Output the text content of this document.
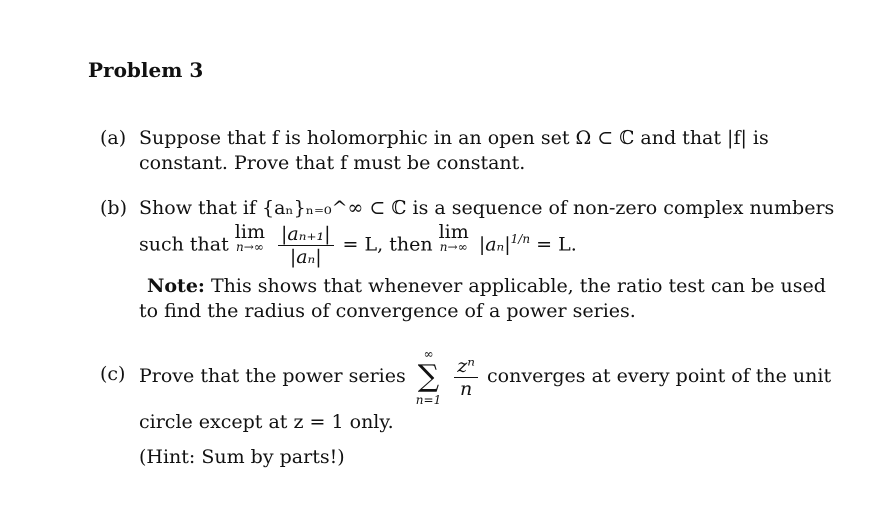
Problem 3
(a) Suppose that f is holomorphic in an open set Ω ⊂ ℂ and that |f| is
constant. Prove that f must be constant.
(b) Show that if {aₙ}ₙ₌₀^∞ ⊂ ℂ is a sequence of non-zero complex numbers
such that lim
n→∞
$\frac{\text{|aₙ₊₁|}}{\text{|aₙ|}} = L$, then lim
n→∞ $|a_n|^{1/n} = L$.
Note: This shows that whenever applicable, the ratio test can be used
to find the radius of convergence of a power series.
(c) Prove that the power series
∞
∑
n=1

$\frac{\text{zⁿ}}{n}$ converges at every point of the unit
circle except at z = 1 only.
(Hint: Sum by parts!)
